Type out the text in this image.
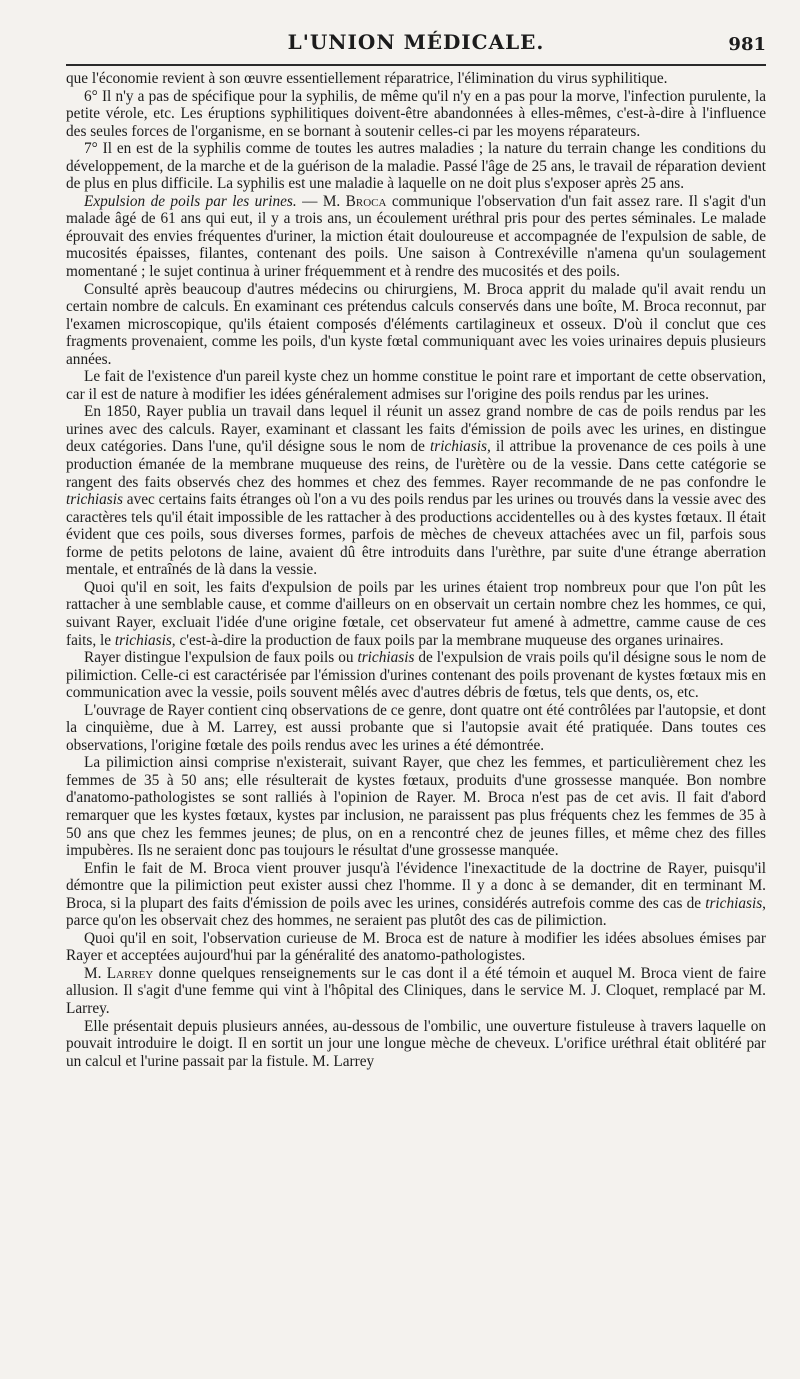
L'UNION MÉDICALE.	981

que l'économie revient à son œuvre essentiellement réparatrice, l'élimination du virus syphilitique.

6° Il n'y a pas de spécifique pour la syphilis, de même qu'il n'y en a pas pour la morve, l'infection purulente, la petite vérole, etc. Les éruptions syphilitiques doivent-être abandonnées à elles-mêmes, c'est-à-dire à l'influence des seules forces de l'organisme, en se bornant à soutenir celles-ci par les moyens réparateurs.

7° Il en est de la syphilis comme de toutes les autres maladies ; la nature du terrain change les conditions du développement, de la marche et de la guérison de la maladie. Passé l'âge de 25 ans, le travail de réparation devient de plus en plus difficile. La syphilis est une maladie à laquelle on ne doit plus s'exposer après 25 ans.

Expulsion de poils par les urines. — M. Broca communique l'observation d'un fait assez rare. Il s'agit d'un malade âgé de 61 ans qui eut, il y a trois ans, un écoulement uréthral pris pour des pertes séminales. Le malade éprouvait des envies fréquentes d'uriner, la miction était douloureuse et accompagnée de l'expulsion de sable, de mucosités épaisses, filantes, contenant des poils. Une saison à Contrexéville n'amena qu'un soulagement momentané ; le sujet continua à uriner fréquemment et à rendre des mucosités et des poils.

Consulté après beaucoup d'autres médecins ou chirurgiens, M. Broca apprit du malade qu'il avait rendu un certain nombre de calculs. En examinant ces prétendus calculs conservés dans une boîte, M. Broca reconnut, par l'examen microscopique, qu'ils étaient composés d'éléments cartilagineux et osseux. D'où il conclut que ces fragments provenaient, comme les poils, d'un kyste fœtal communiquant avec les voies urinaires depuis plusieurs années.

Le fait de l'existence d'un pareil kyste chez un homme constitue le point rare et important de cette observation, car il est de nature à modifier les idées généralement admises sur l'origine des poils rendus par les urines.

En 1850, Rayer publia un travail dans lequel il réunit un assez grand nombre de cas de poils rendus par les urines avec des calculs. Rayer, examinant et classant les faits d'émission de poils avec les urines, en distingue deux catégories. Dans l'une, qu'il désigne sous le nom de trichiasis, il attribue la provenance de ces poils à une production émanée de la membrane muqueuse des reins, de l'urètère ou de la vessie. Dans cette catégorie se rangent des faits observés chez des hommes et chez des femmes. Rayer recommande de ne pas confondre le trichiasis avec certains faits étranges où l'on a vu des poils rendus par les urines ou trouvés dans la vessie avec des caractères tels qu'il était impossible de les rattacher à des productions accidentelles ou à des kystes fœtaux. Il était évident que ces poils, sous diverses formes, parfois de mèches de cheveux attachées avec un fil, parfois sous forme de petits pelotons de laine, avaient dû être introduits dans l'urèthre, par suite d'une étrange aberration mentale, et entraînés de là dans la vessie.

Quoi qu'il en soit, les faits d'expulsion de poils par les urines étaient trop nombreux pour que l'on pût les rattacher à une semblable cause, et comme d'ailleurs on en observait un certain nombre chez les hommes, ce qui, suivant Rayer, excluait l'idée d'une origine fœtale, cet observateur fut amené à admettre, camme cause de ces faits, le trichiasis, c'est-à-dire la production de faux poils par la membrane muqueuse des organes urinaires.

Rayer distingue l'expulsion de faux poils ou trichiasis de l'expulsion de vrais poils qu'il désigne sous le nom de pilimiction. Celle-ci est caractérisée par l'émission d'urines contenant des poils provenant de kystes fœtaux mis en communication avec la vessie, poils souvent mêlés avec d'autres débris de fœtus, tels que dents, os, etc.

L'ouvrage de Rayer contient cinq observations de ce genre, dont quatre ont été contrôlées par l'autopsie, et dont la cinquième, due à M. Larrey, est aussi probante que si l'autopsie avait été pratiquée. Dans toutes ces observations, l'origine fœtale des poils rendus avec les urines a été démontrée.

La pilimiction ainsi comprise n'existerait, suivant Rayer, que chez les femmes, et particulièrement chez les femmes de 35 à 50 ans; elle résulterait de kystes fœtaux, produits d'une grossesse manquée. Bon nombre d'anatomo-pathologistes se sont ralliés à l'opinion de Rayer. M. Broca n'est pas de cet avis. Il fait d'abord remarquer que les kystes fœtaux, kystes par inclusion, ne paraissent pas plus fréquents chez les femmes de 35 à 50 ans que chez les femmes jeunes; de plus, on en a rencontré chez de jeunes filles, et même chez des filles impubères. Ils ne seraient donc pas toujours le résultat d'une grossesse manquée.

Enfin le fait de M. Broca vient prouver jusqu'à l'évidence l'inexactitude de la doctrine de Rayer, puisqu'il démontre que la pilimiction peut exister aussi chez l'homme. Il y a donc à se demander, dit en terminant M. Broca, si la plupart des faits d'émission de poils avec les urines, considérés autrefois comme des cas de trichiasis, parce qu'on les observait chez des hommes, ne seraient pas plutôt des cas de pilimiction.

Quoi qu'il en soit, l'observation curieuse de M. Broca est de nature à modifier les idées absolues émises par Rayer et acceptées aujourd'hui par la généralité des anatomo-pathologistes.

M. Larrey donne quelques renseignements sur le cas dont il a été témoin et auquel M. Broca vient de faire allusion. Il s'agit d'une femme qui vint à l'hôpital des Cliniques, dans le service M. J. Cloquet, remplacé par M. Larrey.

Elle présentait depuis plusieurs années, au-dessous de l'ombilic, une ouverture fistuleuse à travers laquelle on pouvait introduire le doigt. Il en sortit un jour une longue mèche de cheveux. L'orifice uréthral était oblitéré par un calcul et l'urine passait par la fistule. M. Larrey
